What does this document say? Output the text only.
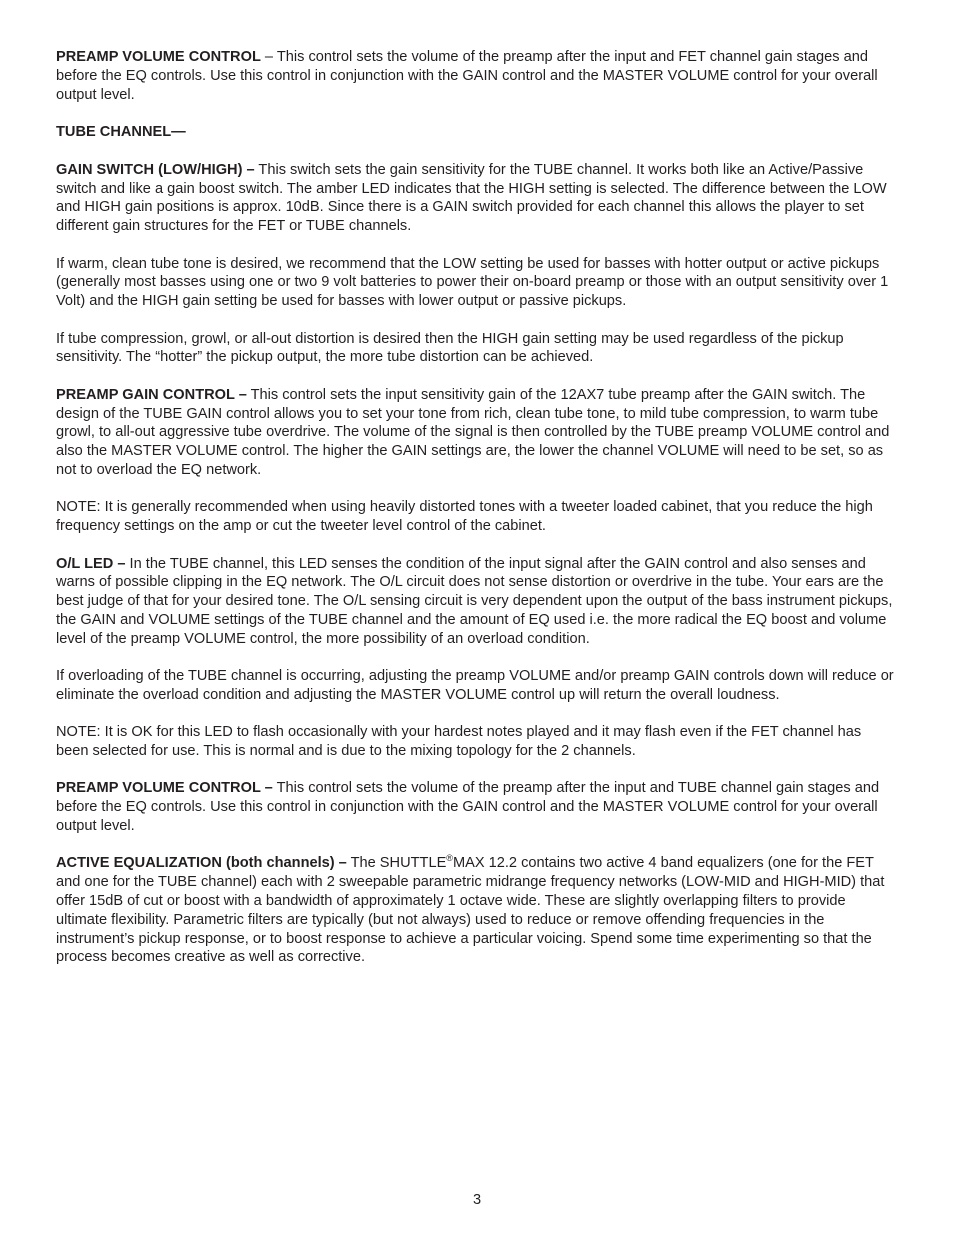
PREAMP VOLUME CONTROL – This control sets the volume of the preamp after the input and FET channel gain stages and before the EQ controls. Use this control in conjunction with the GAIN control and the MASTER VOLUME control for your overall output level.

TUBE CHANNEL—

GAIN SWITCH (LOW/HIGH) – This switch sets the gain sensitivity for the TUBE channel. It works both like an Active/Passive switch and like a gain boost switch. The amber LED indicates that the HIGH setting is selected. The difference between the LOW and HIGH gain positions is approx. 10dB. Since there is a GAIN switch provided for each channel this allows the player to set different gain structures for the FET or TUBE channels.

If warm, clean tube tone is desired, we recommend that the LOW setting be used for basses with hotter output or active pickups (generally most basses using one or two 9 volt batteries to power their on-board preamp or those with an output sensitivity over 1 Volt) and the HIGH gain setting be used for basses with lower output or passive pickups.

If tube compression, growl, or all-out distortion is desired then the HIGH gain setting may be used regardless of the pickup sensitivity. The “hotter” the pickup output, the more tube distortion can be achieved.

PREAMP GAIN CONTROL – This control sets the input sensitivity gain of the 12AX7 tube preamp after the GAIN switch. The design of the TUBE GAIN control allows you to set your tone from rich, clean tube tone, to mild tube compression, to warm tube growl, to all-out aggressive tube overdrive. The volume of the signal is then controlled by the TUBE preamp VOLUME control and also the MASTER VOLUME control. The higher the GAIN settings are, the lower the channel VOLUME will need to be set, so as not to overload the EQ network.

NOTE: It is generally recommended when using heavily distorted tones with a tweeter loaded cabinet, that you reduce the high frequency settings on the amp or cut the tweeter level control of the cabinet.

O/L LED – In the TUBE channel, this LED senses the condition of the input signal after the GAIN control and also senses and warns of possible clipping in the EQ network. The O/L circuit does not sense distortion or overdrive in the tube. Your ears are the best judge of that for your desired tone. The O/L sensing circuit is very dependent upon the output of the bass instrument pickups, the GAIN and VOLUME settings of the TUBE channel and the amount of EQ used i.e. the more radical the EQ boost and volume level of the preamp VOLUME control, the more possibility of an overload condition.

If overloading of the TUBE channel is occurring, adjusting the preamp VOLUME and/or preamp GAIN controls down will reduce or eliminate the overload condition and adjusting the MASTER VOLUME control up will return the overall loudness.

NOTE: It is OK for this LED to flash occasionally with your hardest notes played and it may flash even if the FET channel has been selected for use. This is normal and is due to the mixing topology for the 2 channels.

PREAMP VOLUME CONTROL – This control sets the volume of the preamp after the input and TUBE channel gain stages and before the EQ controls. Use this control in conjunction with the GAIN control and the MASTER VOLUME control for your overall output level.

ACTIVE EQUALIZATION (both channels) – The SHUTTLE®MAX 12.2 contains two active 4 band equalizers (one for the FET and one for the TUBE channel) each with 2 sweepable parametric midrange frequency networks (LOW-MID and HIGH-MID) that offer 15dB of cut or boost with a bandwidth of approximately 1 octave wide. These are slightly overlapping filters to provide ultimate flexibility. Parametric filters are typically (but not always) used to reduce or remove offending frequencies in the instrument’s pickup response, or to boost response to achieve a particular voicing. Spend some time experimenting so that the process becomes creative as well as corrective.

3
